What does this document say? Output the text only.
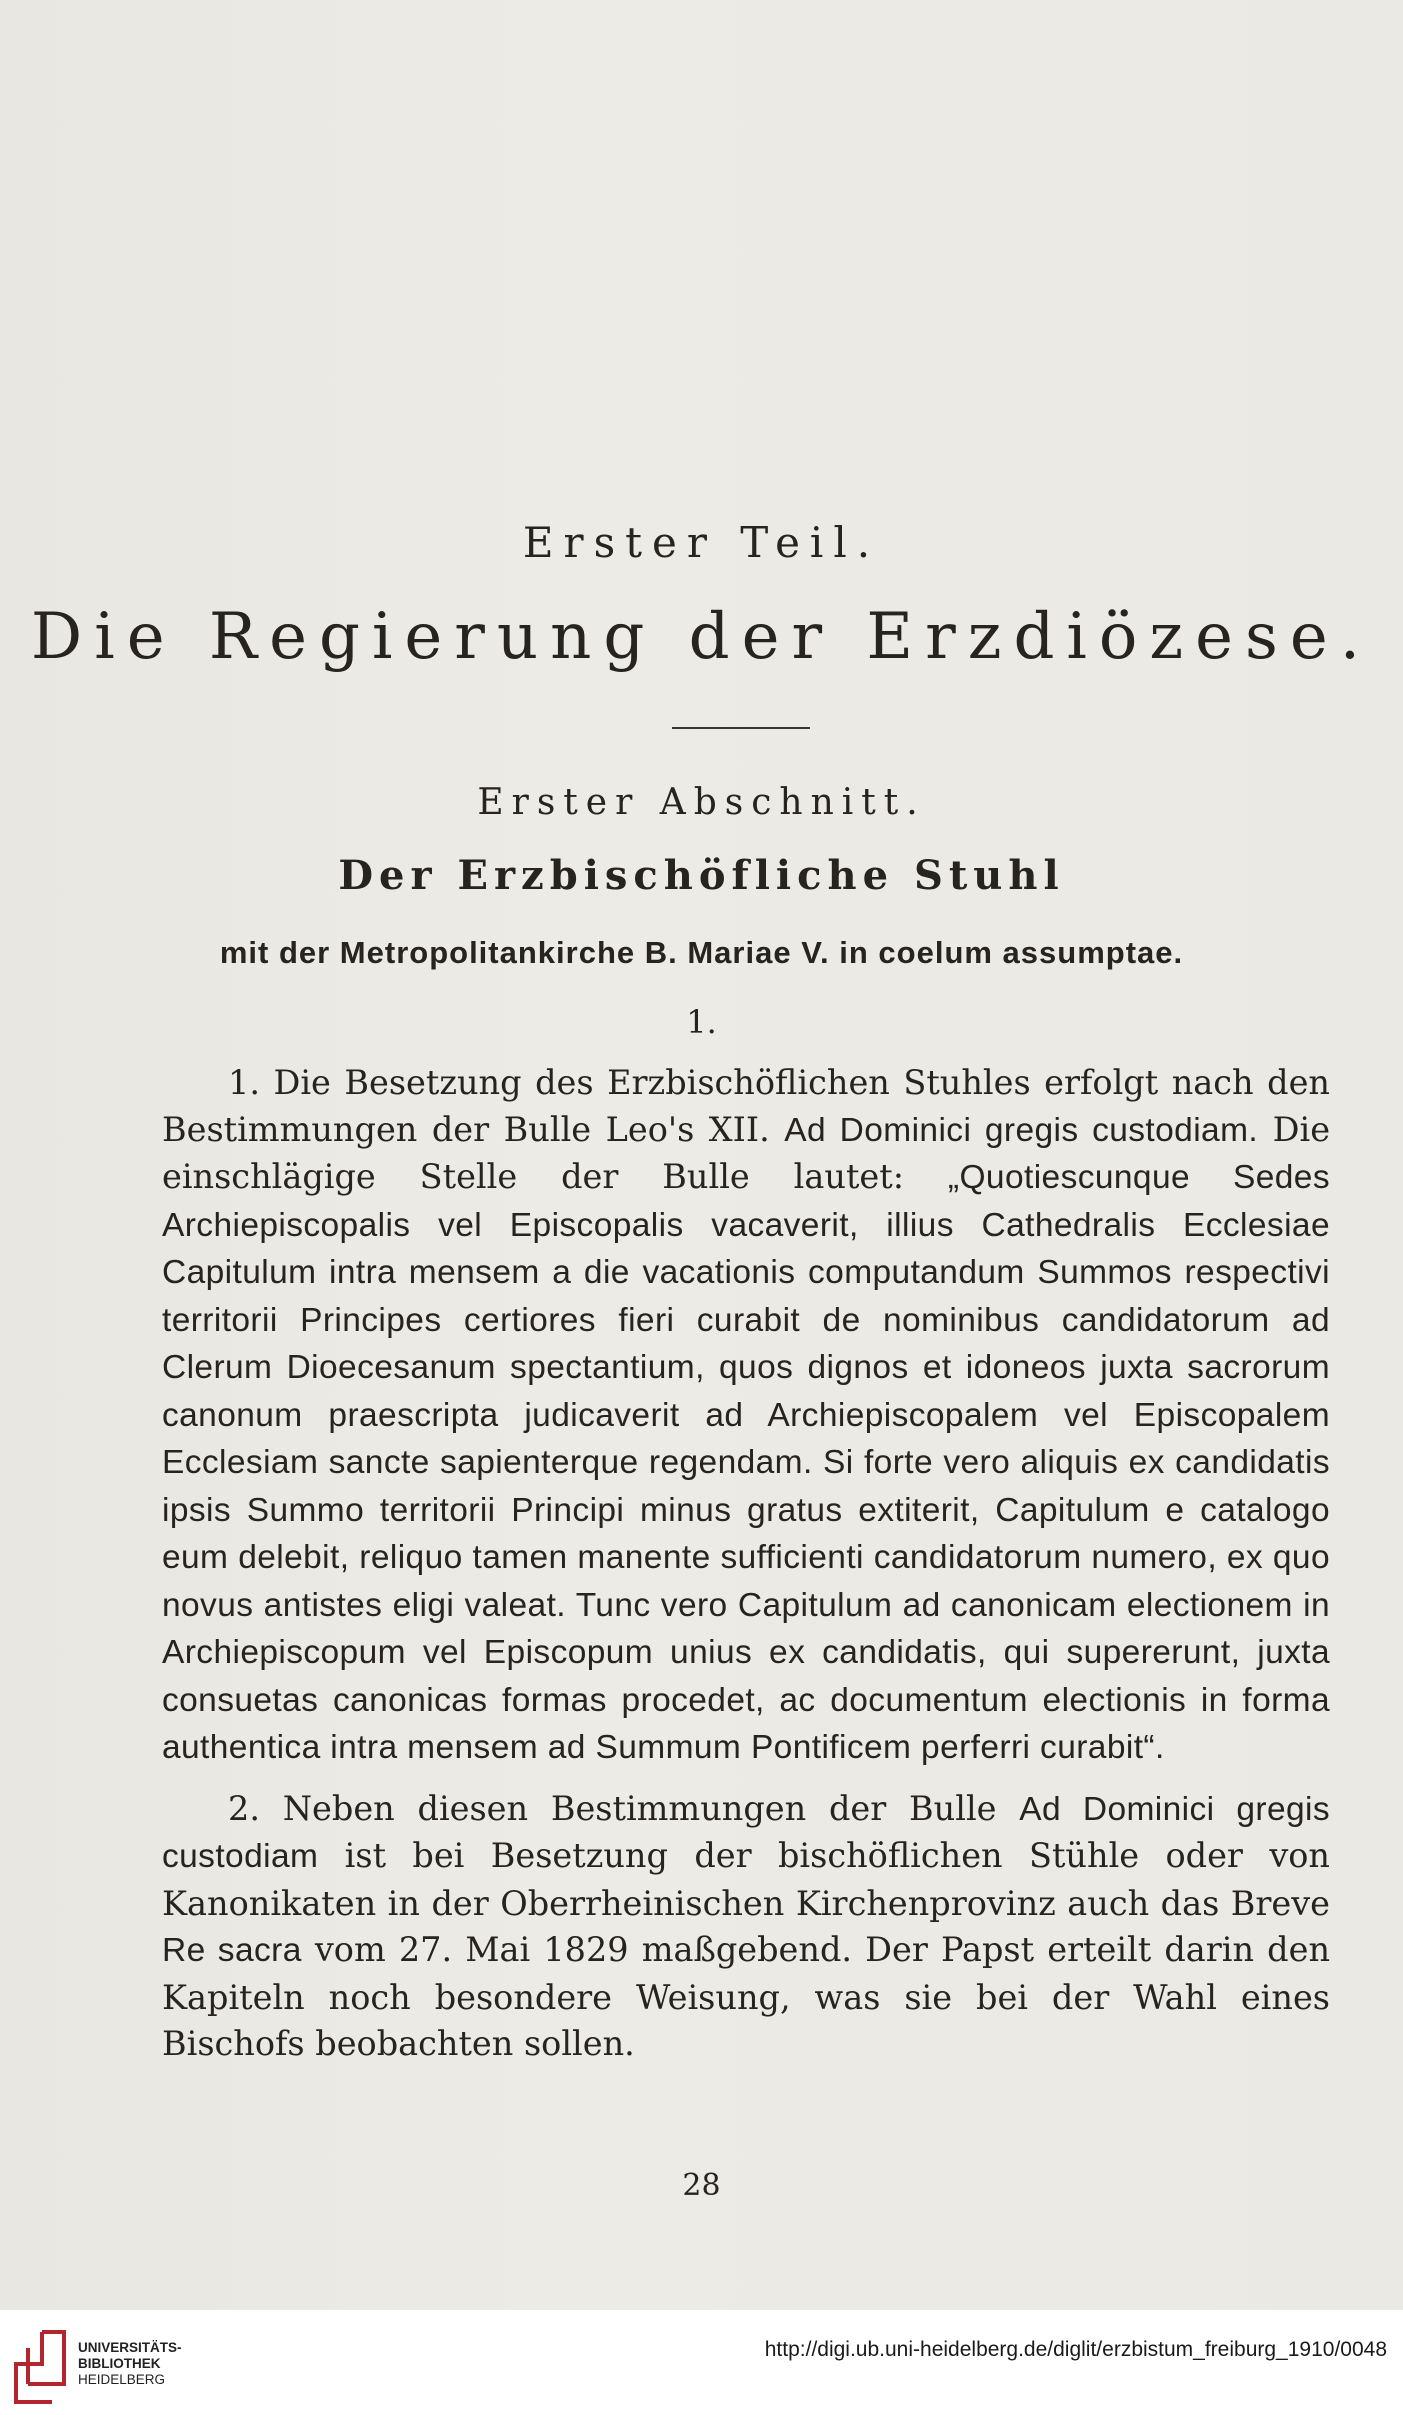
Erster Teil.
Die Regierung der Erzdiözese.
Erster Abschnitt.
Der Erzbischöfliche Stuhl
mit der Metropolitankirche B. Mariae V. in coelum assumptae.
1.

1. Die Besetzung des Erzbischöflichen Stuhles erfolgt nach den Bestimmungen der Bulle Leo's XII. Ad Dominici gregis custodiam. Die einschlägige Stelle der Bulle lautet: „Quotiescunque Sedes Archiepiscopalis vel Episcopalis vacaverit, illius Cathedralis Ecclesiae Capitulum intra mensem a die vacationis computandum Summos respectivi territorii Principes certiores fieri curabit de nominibus candidatorum ad Clerum Dioecesanum spectantium, quos dignos et idoneos juxta sacrorum canonum praescripta judicaverit ad Archiepiscopalem vel Episcopalem Ecclesiam sancte sapienterque regendam. Si forte vero aliquis ex candidatis ipsis Summo territorii Principi minus gratus extiterit, Capitulum e catalogo eum delebit, reliquo tamen manente sufficienti candidatorum numero, ex quo novus antistes eligi valeat. Tunc vero Capitulum ad canonicam electionem in Archiepiscopum vel Episcopum unius ex candidatis, qui supererunt, juxta consuetas canonicas formas procedet, ac documentum electionis in forma authentica intra mensem ad Summum Pontificem perferri curabit“.

2. Neben diesen Bestimmungen der Bulle Ad Dominici gregis custodiam ist bei Besetzung der bischöflichen Stühle oder von Kanonikaten in der Oberrheinischen Kirchenprovinz auch das Breve Re sacra vom 27. Mai 1829 maßgebend. Der Papst erteilt darin den Kapiteln noch besondere Weisung, was sie bei der Wahl eines Bischofs beobachten sollen.

28
UNIVERSITÄTS-
BIBLIOTHEK
HEIDELBERG
http://digi.ub.uni-heidelberg.de/diglit/erzbistum_freiburg_1910/0048
